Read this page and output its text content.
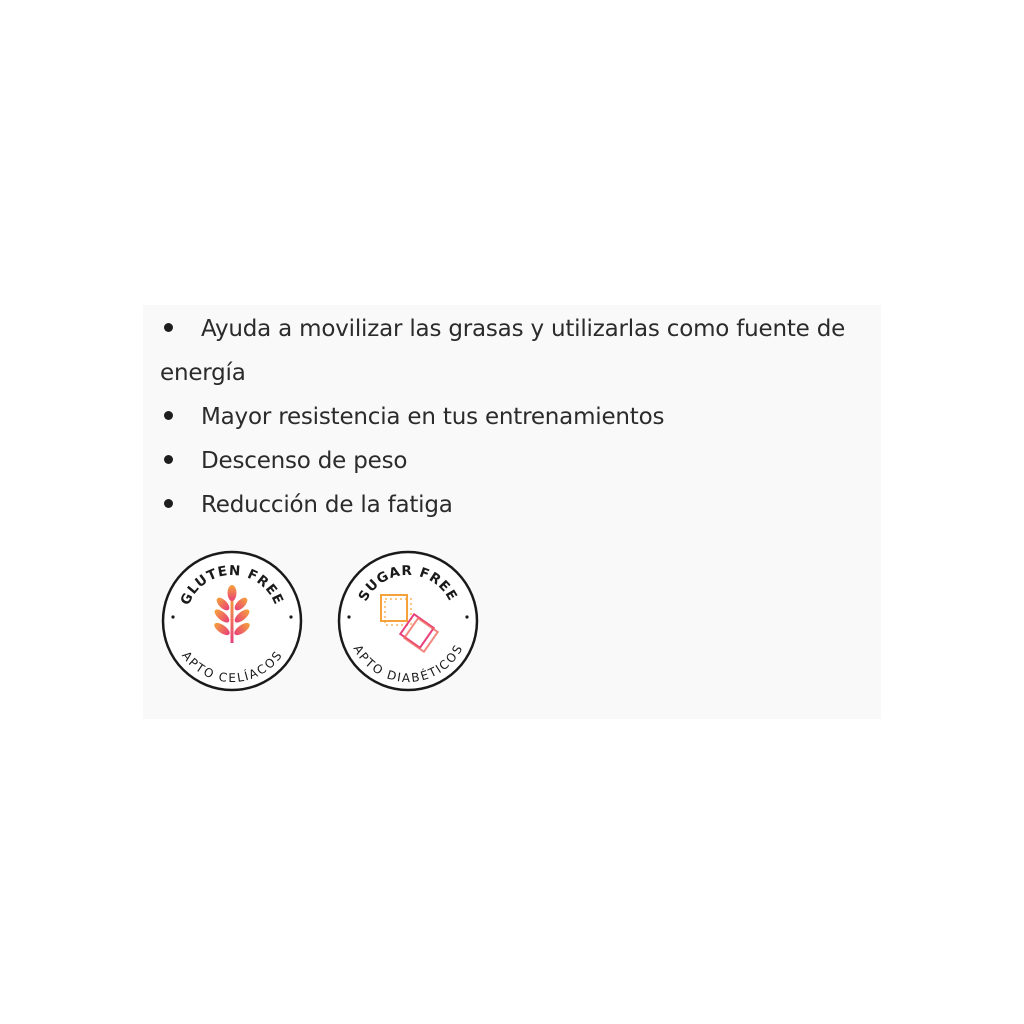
Ayuda a movilizar las grasas y utilizarlas como fuente de
energía
Mayor resistencia en tus entrenamientos
Descenso de peso
Reducción de la fatiga
GLUTEN FREE
APTO CELÍACOS
SUGAR FREE
APTO DIABÉTICOS
